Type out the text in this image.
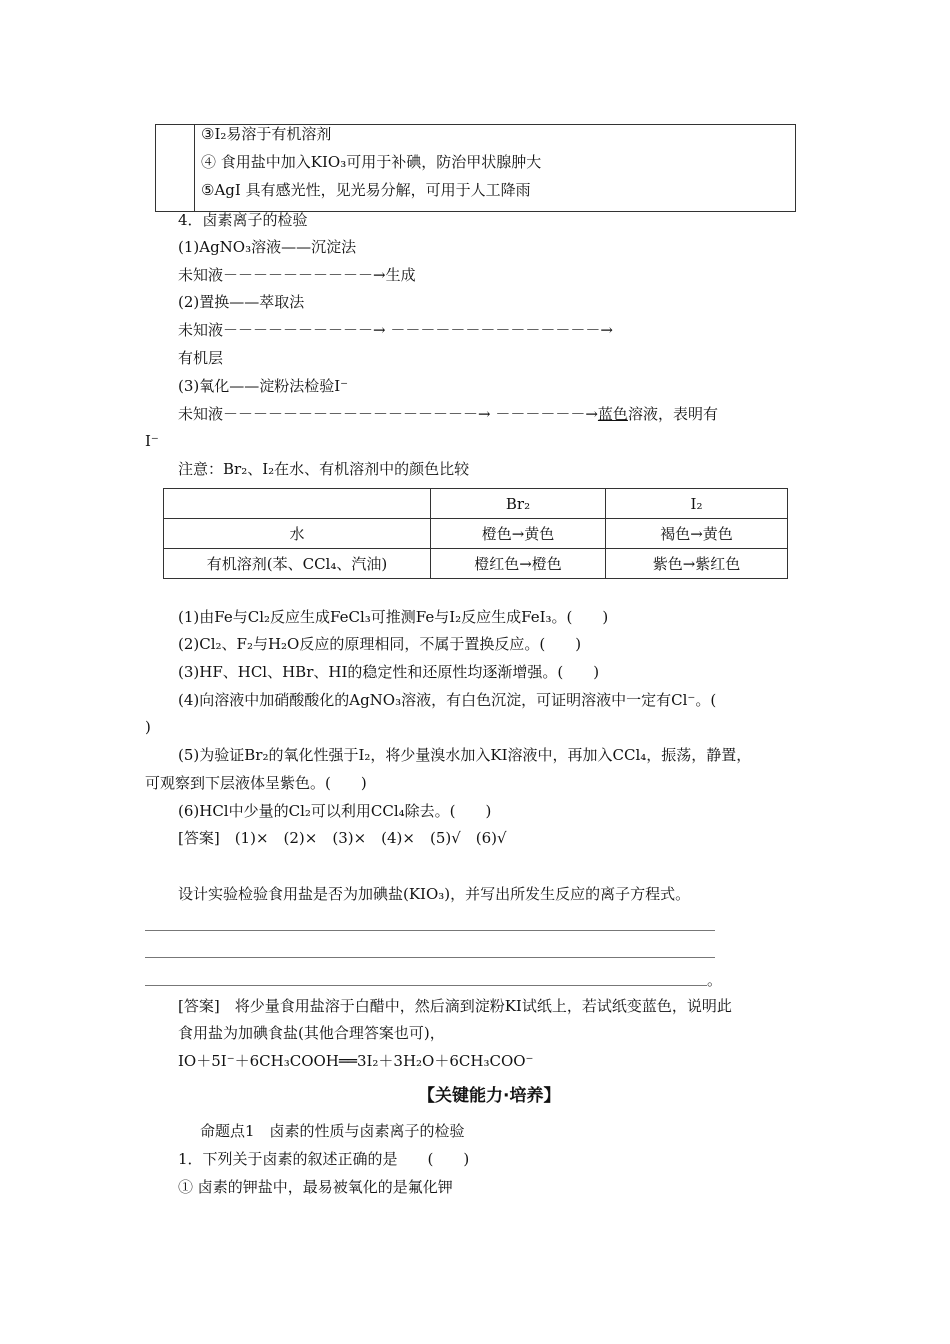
③I₂易溶于有机溶剂
④ 食用盐中加入KIO₃可用于补碘，防治甲状腺肿大
⑤AgI 具有感光性，见光易分解，可用于人工降雨
4．卤素离子的检验
(1)AgNO₃溶液——沉淀法
未知液－－－－－－－－－－→生成
(2)置换——萃取法
未知液－－－－－－－－－－→ －－－－－－－－－－－－－－→
有机层
(3)氧化——淀粉法检验I⁻
未知液－－－－－－－－－－－－－－－－－→ －－－－－－→蓝色溶液，表明有
I⁻
注意：Br₂、I₂在水、有机溶剂中的颜色比较
	Br₂	I₂
水	橙色→黄色	褐色→黄色
有机溶剂(苯、CCl₄、汽油)	橙红色→橙色	紫色→紫红色
(1)由Fe与Cl₂反应生成FeCl₃可推测Fe与I₂反应生成FeI₃。(　　)
(2)Cl₂、F₂与H₂O反应的原理相同，不属于置换反应。(　　)
(3)HF、HCl、HBr、HI的稳定性和还原性均逐渐增强。(　　)
(4)向溶液中加硝酸酸化的AgNO₃溶液，有白色沉淀，可证明溶液中一定有Cl⁻。(
)
(5)为验证Br₂的氧化性强于I₂，将少量溴水加入KI溶液中，再加入CCl₄，振荡，静置，
可观察到下层液体呈紫色。(　　)
(6)HCl中少量的Cl₂可以利用CCl₄除去。(　　)
[答案]　(1)×　(2)×　(3)×　(4)×　(5)√　(6)√
设计实验检验食用盐是否为加碘盐(KIO₃)，并写出所发生反应的离子方程式。
。
[答案]　将少量食用盐溶于白醋中，然后滴到淀粉KI试纸上，若试纸变蓝色，说明此
食用盐为加碘食盐(其他合理答案也可)，
IO＋5I⁻＋6CH₃COOH══3I₂＋3H₂O＋6CH₃COO⁻
【关键能力·培养】
命题点1　卤素的性质与卤素离子的检验
1．下列关于卤素的叙述正确的是　　(　　)
① 卤素的钾盐中，最易被氧化的是氟化钾
